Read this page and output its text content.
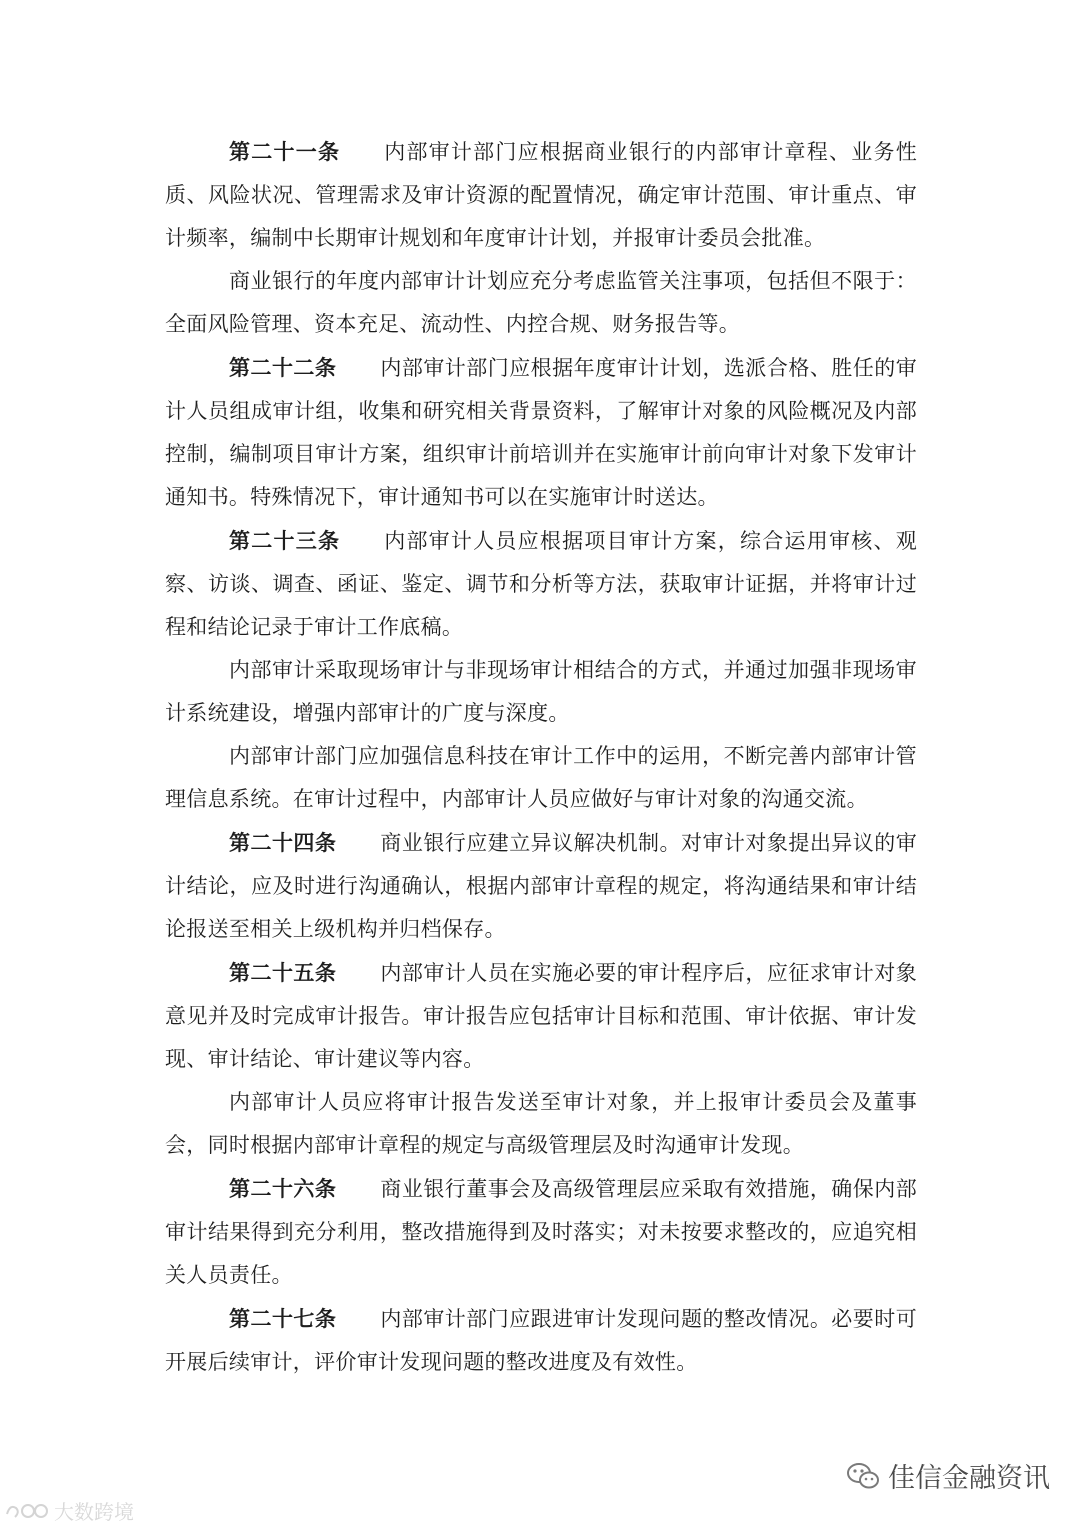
第二十一条 内部审计部门应根据商业银行的内部审计章程、业务性质、风险状况、管理需求及审计资源的配置情况，确定审计范围、审计重点、审计频率，编制中长期审计规划和年度审计计划，并报审计委员会批准。

商业银行的年度内部审计计划应充分考虑监管关注事项，包括但不限于：全面风险管理、资本充足、流动性、内控合规、财务报告等。

第二十二条 内部审计部门应根据年度审计计划，选派合格、胜任的审计人员组成审计组，收集和研究相关背景资料，了解审计对象的风险概况及内部控制，编制项目审计方案，组织审计前培训并在实施审计前向审计对象下发审计通知书。特殊情况下，审计通知书可以在实施审计时送达。

第二十三条 内部审计人员应根据项目审计方案，综合运用审核、观察、访谈、调查、函证、鉴定、调节和分析等方法，获取审计证据，并将审计过程和结论记录于审计工作底稿。

内部审计采取现场审计与非现场审计相结合的方式，并通过加强非现场审计系统建设，增强内部审计的广度与深度。

内部审计部门应加强信息科技在审计工作中的运用，不断完善内部审计管理信息系统。在审计过程中，内部审计人员应做好与审计对象的沟通交流。

第二十四条 商业银行应建立异议解决机制。对审计对象提出异议的审计结论，应及时进行沟通确认，根据内部审计章程的规定，将沟通结果和审计结论报送至相关上级机构并归档保存。

第二十五条 内部审计人员在实施必要的审计程序后，应征求审计对象意见并及时完成审计报告。审计报告应包括审计目标和范围、审计依据、审计发现、审计结论、审计建议等内容。

内部审计人员应将审计报告发送至审计对象，并上报审计委员会及董事会，同时根据内部审计章程的规定与高级管理层及时沟通审计发现。

第二十六条 商业银行董事会及高级管理层应采取有效措施，确保内部审计结果得到充分利用，整改措施得到及时落实；对未按要求整改的，应追究相关人员责任。

第二十七条 内部审计部门应跟进审计发现问题的整改情况。必要时可开展后续审计，评价审计发现问题的整改进度及有效性。

佳信金融资讯
大数跨境
